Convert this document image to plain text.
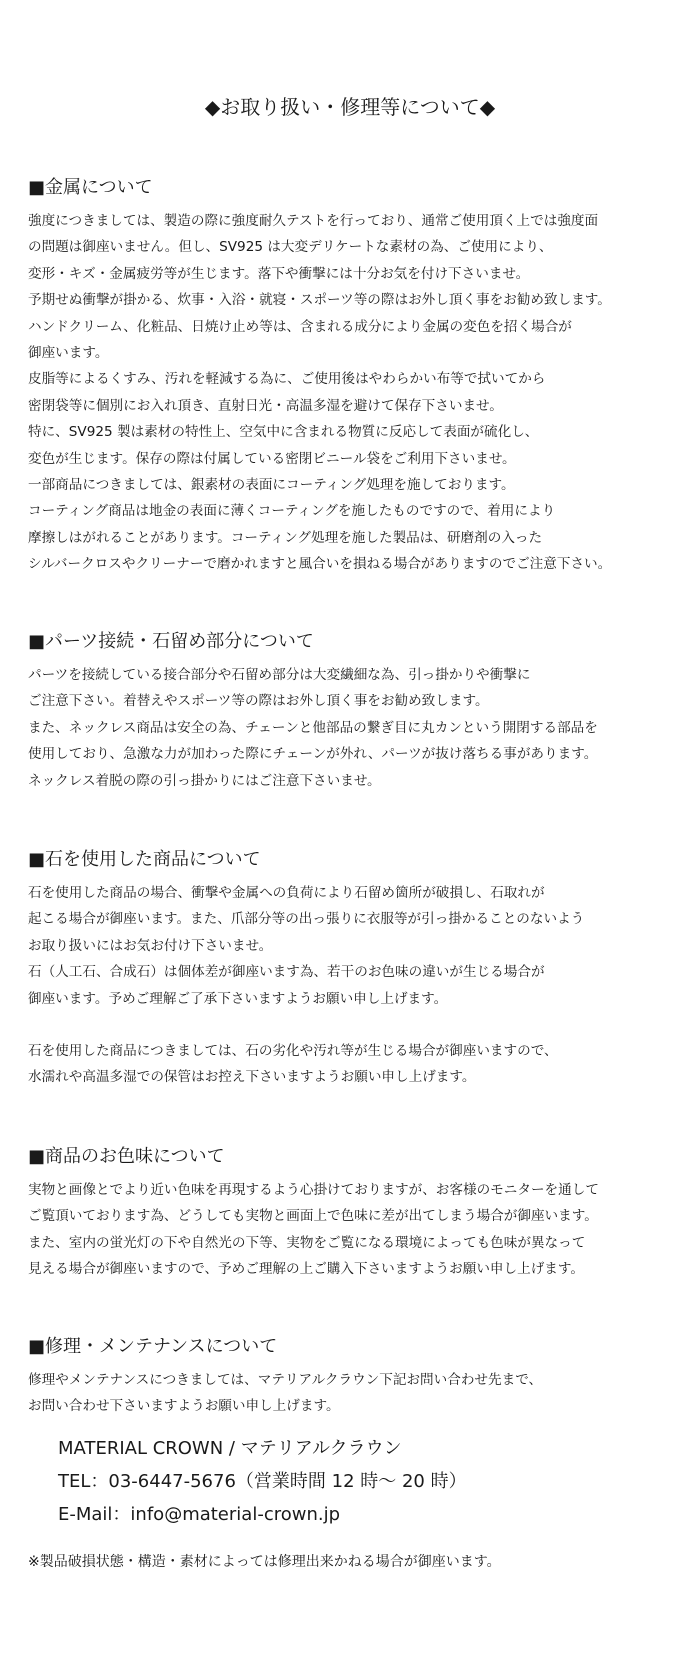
◆お取り扱い・修理等について◆
■金属について
強度につきましては、製造の際に強度耐久テストを行っており、通常ご使用頂く上では強度面
の問題は御座いません。但し、SV925 は大変デリケートな素材の為、ご使用により、
変形・キズ・金属疲労等が生じます。落下や衝撃には十分お気を付け下さいませ。
予期せぬ衝撃が掛かる、炊事・入浴・就寝・スポーツ等の際はお外し頂く事をお勧め致します。
ハンドクリーム、化粧品、日焼け止め等は、含まれる成分により金属の変色を招く場合が
御座います。
皮脂等によるくすみ、汚れを軽減する為に、ご使用後はやわらかい布等で拭いてから
密閉袋等に個別にお入れ頂き、直射日光・高温多湿を避けて保存下さいませ。
特に、SV925 製は素材の特性上、空気中に含まれる物質に反応して表面が硫化し、
変色が生じます。保存の際は付属している密閉ビニール袋をご利用下さいませ。
一部商品につきましては、銀素材の表面にコーティング処理を施しております。
コーティング商品は地金の表面に薄くコーティングを施したものですので、着用により
摩擦しはがれることがあります。コーティング処理を施した製品は、研磨剤の入った
シルバークロスやクリーナーで磨かれますと風合いを損ねる場合がありますのでご注意下さい。
■パーツ接続・石留め部分について
パーツを接続している接合部分や石留め部分は大変繊細な為、引っ掛かりや衝撃に
ご注意下さい。着替えやスポーツ等の際はお外し頂く事をお勧め致します。
また、ネックレス商品は安全の為、チェーンと他部品の繋ぎ目に丸カンという開閉する部品を
使用しており、急激な力が加わった際にチェーンが外れ、パーツが抜け落ちる事があります。
ネックレス着脱の際の引っ掛かりにはご注意下さいませ。
■石を使用した商品について
石を使用した商品の場合、衝撃や金属への負荷により石留め箇所が破損し、石取れが
起こる場合が御座います。また、爪部分等の出っ張りに衣服等が引っ掛かることのないよう
お取り扱いにはお気お付け下さいませ。
石（人工石、合成石）は個体差が御座います為、若干のお色味の違いが生じる場合が
御座います。予めご理解ご了承下さいますようお願い申し上げます。
石を使用した商品につきましては、石の劣化や汚れ等が生じる場合が御座いますので、
水濡れや高温多湿での保管はお控え下さいますようお願い申し上げます。
■商品のお色味について
実物と画像とでより近い色味を再現するよう心掛けておりますが、お客様のモニターを通して
ご覧頂いております為、どうしても実物と画面上で色味に差が出てしまう場合が御座います。
また、室内の蛍光灯の下や自然光の下等、実物をご覧になる環境によっても色味が異なって
見える場合が御座いますので、予めご理解の上ご購入下さいますようお願い申し上げます。
■修理・メンテナンスについて
修理やメンテナンスにつきましては、マテリアルクラウン下記お問い合わせ先まで、
お問い合わせ下さいますようお願い申し上げます。
MATERIAL CROWN / マテリアルクラウン
TEL：03-6447-5676（営業時間 12 時～ 20 時）
E-Mail：info@material-crown.jp
※製品破損状態・構造・素材によっては修理出来かねる場合が御座います。
